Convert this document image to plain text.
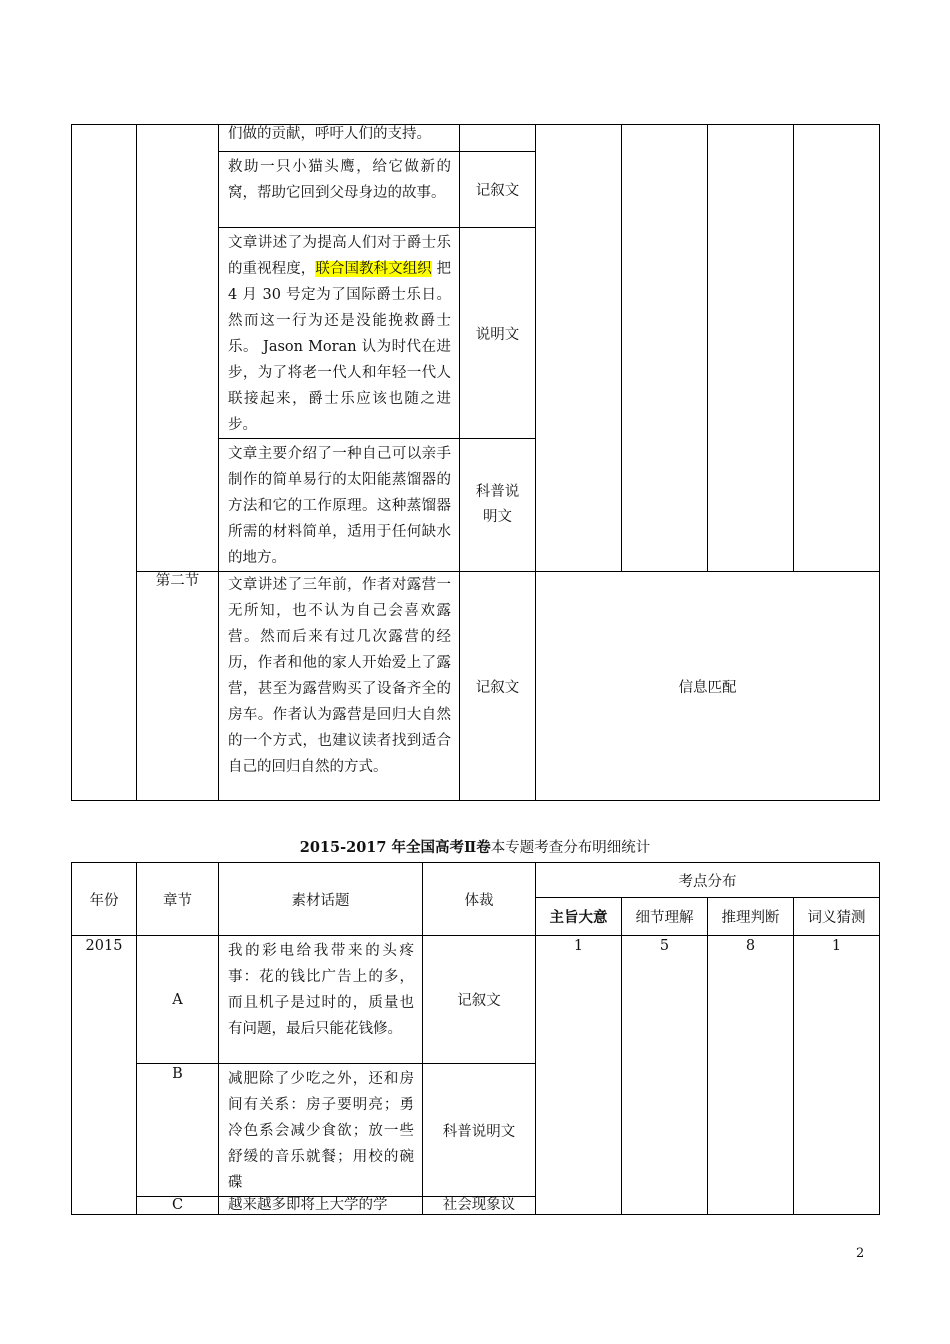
		们做的贡献，呼吁人们的支持。					

		救助一只小猫头鹰，给它做新的窝，帮助它回到父母身边的故事。	记叙文				

		文章讲述了为提高人们对于爵士乐的重视程度，联合国教科文组织 把 4 月 30 号定为了国际爵士乐日。然而这一行为还是没能挽救爵士乐。 Jason Moran 认为时代在进步，为了将老一代人和年轻一代人联接起来，爵士乐应该也随之进步。	说明文				

		文章主要介绍了一种自己可以亲手制作的简单易行的太阳能蒸馏器的方法和它的工作原理。这种蒸馏器所需的材料简单，适用于任何缺水的地方。	科普说明文				

	第二节	文章讲述了三年前，作者对露营一无所知，也不认为自己会喜欢露营。然而后来有过几次露营的经历，作者和他的家人开始爱上了露营，甚至为露营购买了设备齐全的房车。作者认为露营是回归大自然的一个方式，也建议读者找到适合自己的回归自然的方式。	记叙文	信息匹配			
2015-2017 年全国高考Ⅱ卷本专题考查分布明细统计
年份	章节	素材话题	体裁	考点分布			
				主旨大意	细节理解	推理判断	词义猜测

2015	A	我的彩电给我带来的头疼事：花的钱比广告上的多，而且机子是过时的，质量也有问题，最后只能花钱修。	记叙文	1	5	8	1

	B	减肥除了少吃之外，还和房间有关系：房子要明亮；勇冷色系会减少食欲；放一些舒缓的音乐就餐；用校的碗碟	科普说明文				

	C	越来越多即将上大学的学	社会现象议				
2
